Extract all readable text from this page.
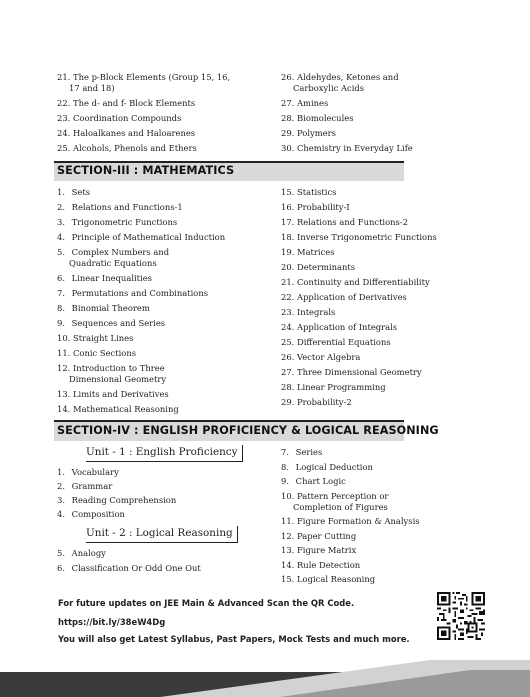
21. The p-Block Elements (Group 15, 16,
17 and 18)
22. The d- and f- Block Elements
23. Coordination Compounds
24. Haloalkanes and Haloarenes
25. Alcohols, Phenols and Ethers
26. Aldehydes, Ketones and
Carboxylic Acids
27. Amines
28. Biomolecules
29. Polymers
30. Chemistry in Everyday Life
SECTION-III : MATHEMATICS
1. Sets
2. Relations and Functions-1
3. Trigonometric Functions
4. Principle of Mathematical Induction
5. Complex Numbers and
Quadratic Equations
6. Linear Inequalities
7. Permutations and Combinations
8. Binomial Theorem
9. Sequences and Series
10. Straight Lines
11. Conic Sections
12. Introduction to Three
Dimensional Geometry
13. Limits and Derivatives
14. Mathematical Reasoning
15. Statistics
16. Probability-I
17. Relations and Functions-2
18. Inverse Trigonometric Functions
19. Matrices
20. Determinants
21. Continuity and Differentiability
22. Application of Derivatives
23. Integrals
24. Application of Integrals
25. Differential Equations
26. Vector Algebra
27. Three Dimensional Geometry
28. Linear Programming
29. Probability-2
SECTION-IV : ENGLISH PROFICIENCY & LOGICAL REASONING
Unit - 1 : English Proficiency
1. Vocabulary
2. Grammar
3. Reading Comprehension
4. Composition
Unit - 2 : Logical Reasoning
5. Analogy
6. Classification Or Odd One Out
7. Series
8. Logical Deduction
9. Chart Logic
10. Pattern Perception or
Completion of Figures
11. Figure Formation & Analysis
12. Paper Cutting
13. Figure Matrix
14. Rule Detection
15. Logical Reasoning
For future updates on JEE Main & Advanced Scan the QR Code.
https://bit.ly/38eW4Dg
You will also get Latest Syllabus, Past Papers, Mock Tests and much more.
